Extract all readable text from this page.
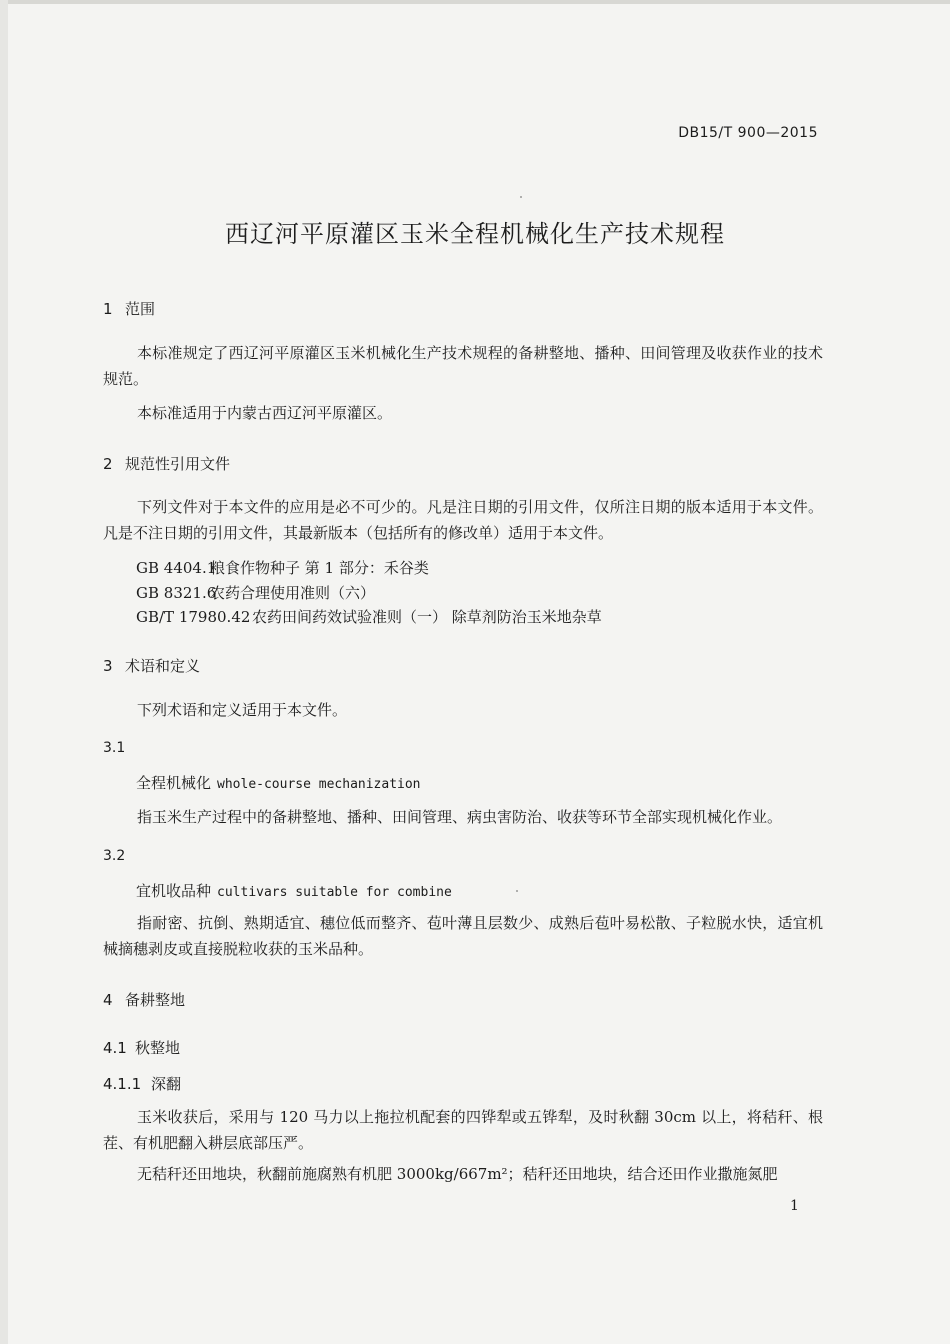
DB15/T 900—2015
西辽河平原灌区玉米全程机械化生产技术规程
1 范围
本标准规定了西辽河平原灌区玉米机械化生产技术规程的备耕整地、播种、田间管理及收获作业的技术规范。
本标准适用于内蒙古西辽河平原灌区。
2 规范性引用文件
下列文件对于本文件的应用是必不可少的。凡是注日期的引用文件，仅所注日期的版本适用于本文件。凡是不注日期的引用文件，其最新版本（包括所有的修改单）适用于本文件。
GB 4404.1粮食作物种子 第 1 部分：禾谷类
GB 8321.6农药合理使用准则（六）
GB/T 17980.42 农药田间药效试验准则（一） 除草剂防治玉米地杂草
3 术语和定义
下列术语和定义适用于本文件。
3.1
全程机械化 whole-course mechanization
指玉米生产过程中的备耕整地、播种、田间管理、病虫害防治、收获等环节全部实现机械化作业。
3.2
宜机收品种 cultivars suitable for combine
指耐密、抗倒、熟期适宜、穗位低而整齐、苞叶薄且层数少、成熟后苞叶易松散、子粒脱水快，适宜机械摘穗剥皮或直接脱粒收获的玉米品种。
4 备耕整地
4.1 秋整地
4.1.1 深翻
玉米收获后，采用与 120 马力以上拖拉机配套的四铧犁或五铧犁，及时秋翻 30cm 以上，将秸秆、根茬、有机肥翻入耕层底部压严。
无秸秆还田地块，秋翻前施腐熟有机肥 3000kg/667m²；秸秆还田地块，结合还田作业撒施氮肥
1
